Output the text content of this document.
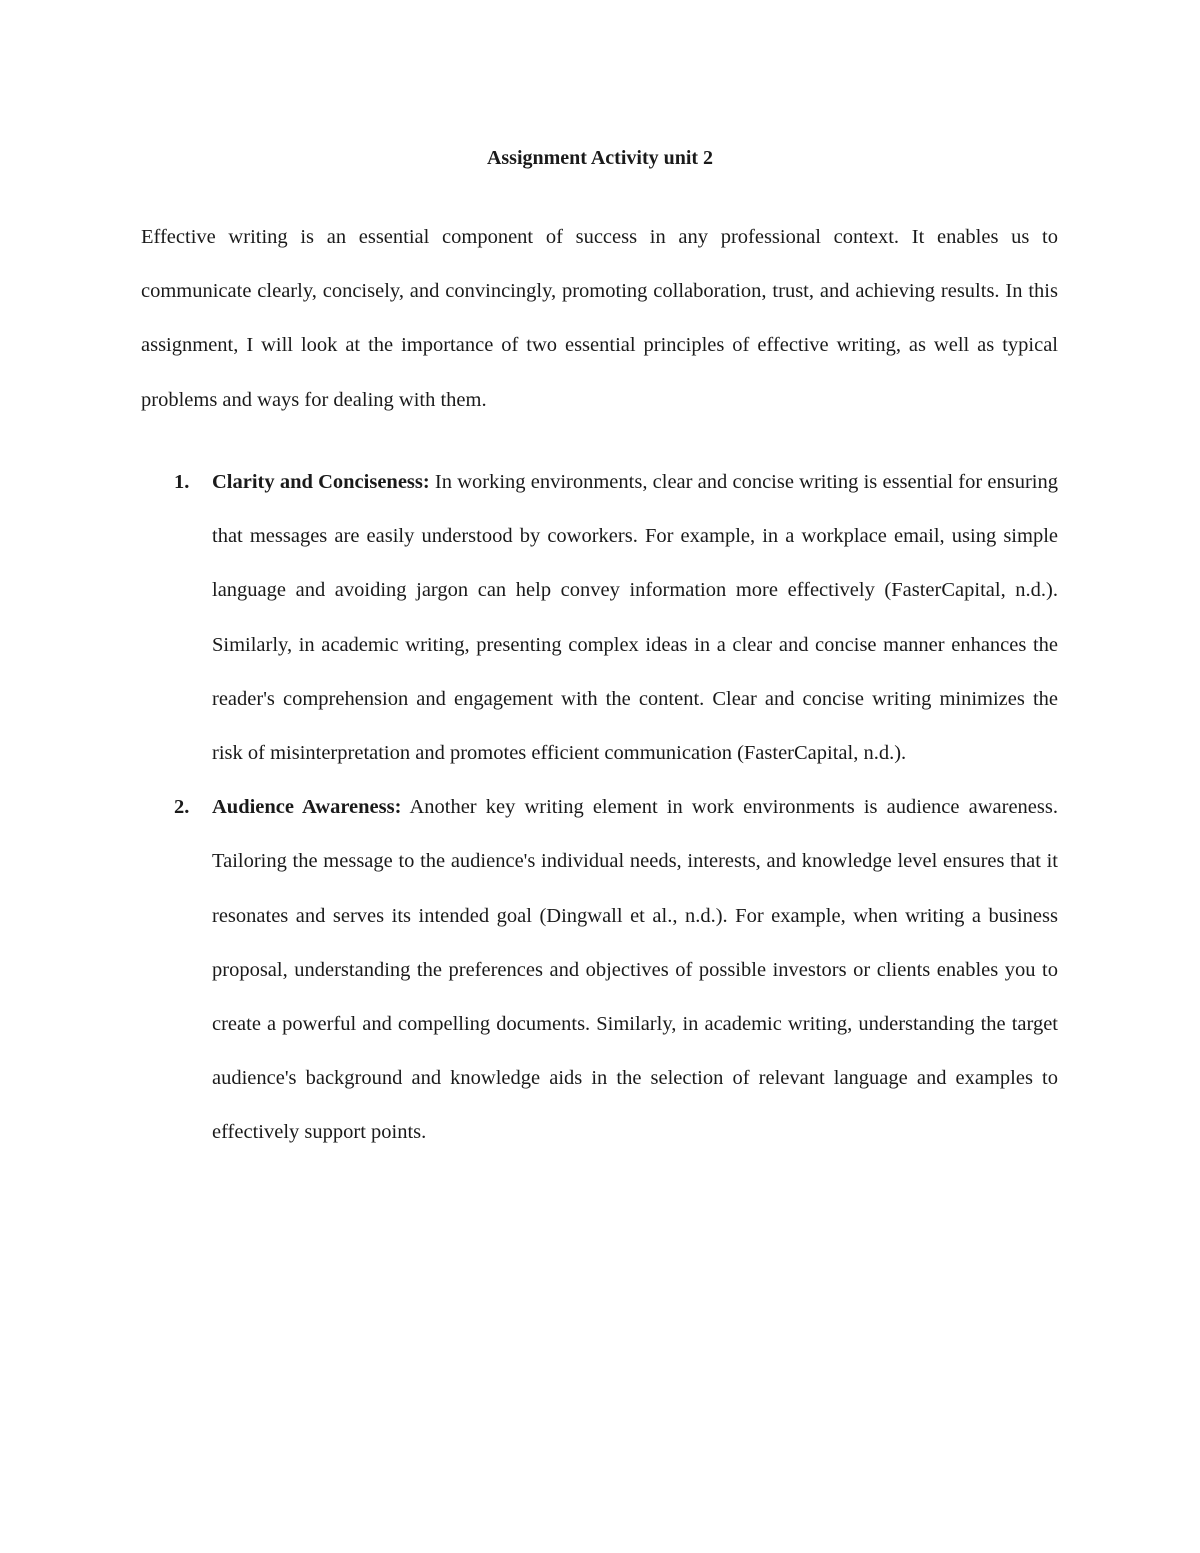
Assignment Activity unit 2

Effective writing is an essential component of success in any professional context. It enables us to communicate clearly, concisely, and convincingly, promoting collaboration, trust, and achieving results. In this assignment, I will look at the importance of two essential principles of effective writing, as well as typical problems and ways for dealing with them.

1. Clarity and Conciseness: In working environments, clear and concise writing is essential for ensuring that messages are easily understood by coworkers. For example, in a workplace email, using simple language and avoiding jargon can help convey information more effectively (FasterCapital, n.d.). Similarly, in academic writing, presenting complex ideas in a clear and concise manner enhances the reader's comprehension and engagement with the content. Clear and concise writing minimizes the risk of misinterpretation and promotes efficient communication (FasterCapital, n.d.).
2. Audience Awareness: Another key writing element in work environments is audience awareness. Tailoring the message to the audience's individual needs, interests, and knowledge level ensures that it resonates and serves its intended goal (Dingwall et al., n.d.). For example, when writing a business proposal, understanding the preferences and objectives of possible investors or clients enables you to create a powerful and compelling documents. Similarly, in academic writing, understanding the target audience's background and knowledge aids in the selection of relevant language and examples to effectively support points.
